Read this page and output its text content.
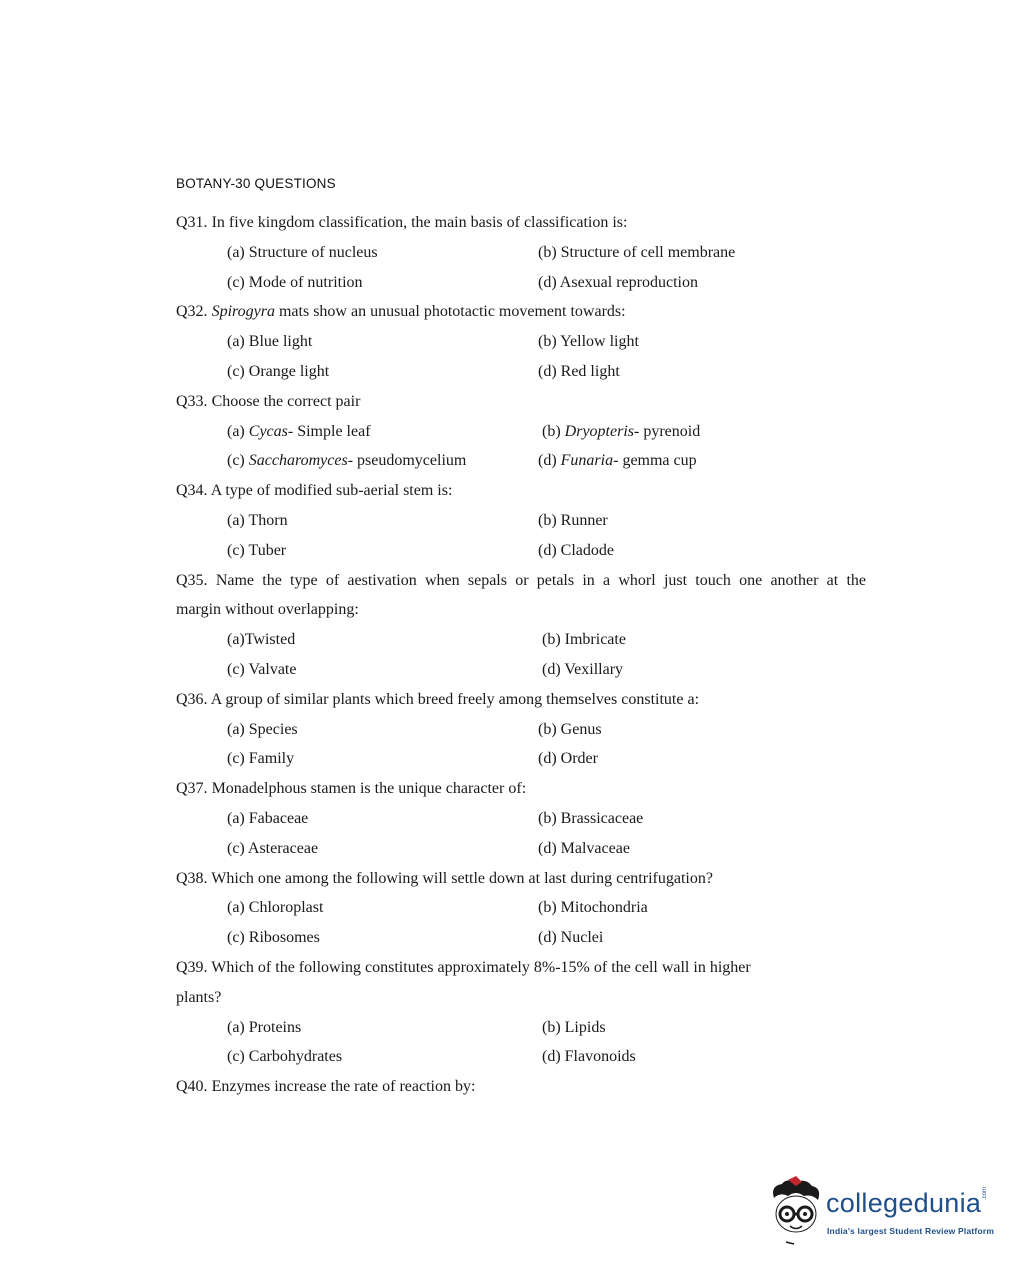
BOTANY-30 QUESTIONS

Q31. In five kingdom classification, the main basis of classification is:

(a) Structure of nucleus	(b) Structure of cell membrane
(c) Mode of nutrition	(d) Asexual reproduction

Q32. Spirogyra mats show an unusual phototactic movement towards:

(a) Blue light	(b) Yellow light
(c) Orange light	(d) Red light

Q33. Choose the correct pair

(a) Cycas- Simple leaf	(b) Dryopteris- pyrenoid
(c) Saccharomyces- pseudomycelium	(d) Funaria- gemma cup

Q34. A type of modified sub-aerial stem is:

(a) Thorn	(b) Runner
(c) Tuber	(d) Cladode

Q35. Name the type of aestivation when sepals or petals in a whorl just touch one another at the

margin without overlapping:

(a)Twisted	(b) Imbricate
(c) Valvate	(d) Vexillary

Q36. A group of similar plants which breed freely among themselves constitute a:

(a) Species	(b) Genus
(c) Family	(d) Order

Q37. Monadelphous stamen is the unique character of:

(a) Fabaceae	(b) Brassicaceae
(c) Asteraceae	(d) Malvaceae

Q38. Which one among the following will settle down at last during centrifugation?

(a) Chloroplast	(b) Mitochondria
(c) Ribosomes	(d) Nuclei

Q39. Which of the following constitutes approximately 8%-15% of the cell wall in higher

plants?

(a) Proteins	(b) Lipids
(c) Carbohydrates	(d) Flavonoids

Q40. Enzymes increase the rate of reaction by:

collegedunia .com
India's largest Student Review Platform
